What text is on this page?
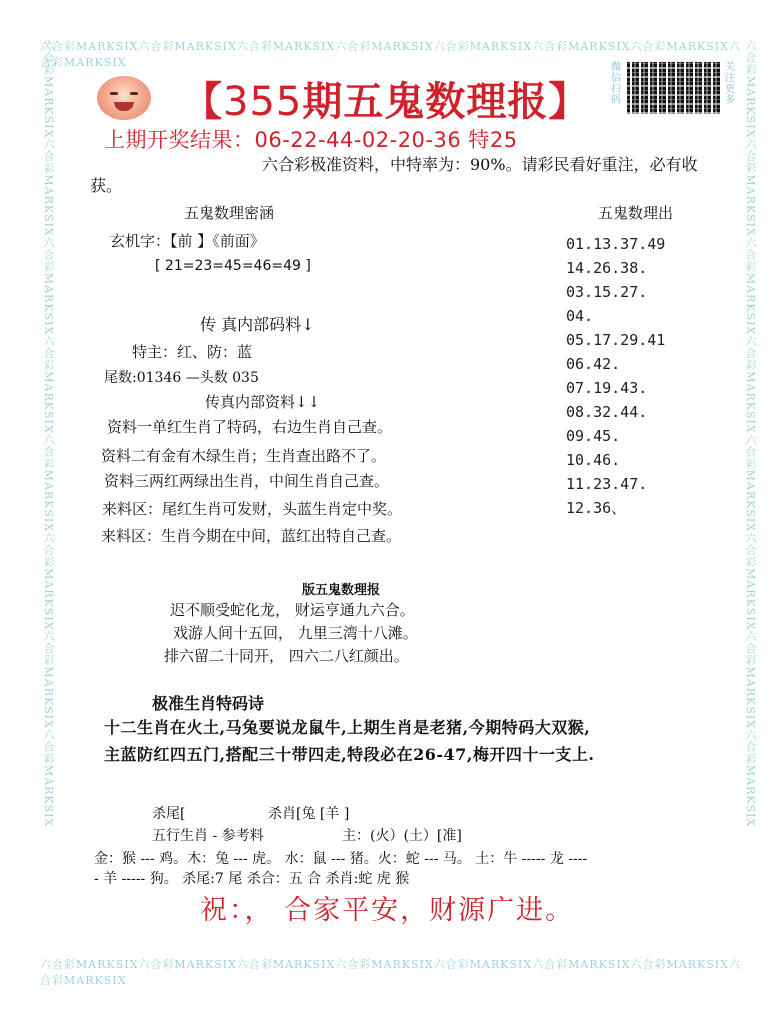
六合彩MARKSIX六合彩MARKSIX六合彩MARKSIX六合彩MARKSIX六合彩MARKSIX六合彩MARKSIX六合彩MARKSIX六合彩MARKSIX
六合彩MARKSIX六合彩MARKSIX六合彩MARKSIX六合彩MARKSIX六合彩MARKSIX六合彩MARKSIX六合彩MARKSIX六合彩MARKSIX
六合彩MARKSIX六合彩MARKSIX六合彩MARKSIX六合彩MARKSIX六合彩MARKSIX六合彩MARKSIX六合彩MARKSIX六合彩MARKSIX	六合彩MARKSIX六合彩MARKSIX六合彩MARKSIX六合彩MARKSIX六合彩MARKSIX六合彩MARKSIX六合彩MARKSIX六合彩MARKSIX
【355期五鬼数理报】
微信扫码
关注更多
上期开奖结果：06-22-44-02-20-36 特25
六合彩极准资料，中特率为：90%。请彩民看好重注，必有收
获。
五鬼数理密涵
玄机字：【前 】《前面》
[ 21=23=45=46=49 ]
传 真内部码料↓
特主：红、防：蓝
尾数:01346 —头数 035
传真内部资料↓↓
资料一单红生肖了特码，右边生肖自己查。
资料二有金有木绿生肖；生肖查出路不了。
资料三两红两绿出生肖，中间生肖自己查。
来料区：尾红生肖可发财，头蓝生肖定中奖。
来料区：生肖今期在中间，蓝红出特自己查。
五鬼数理出
01.13.37.49
14.26.38.
03.15.27.
04.
05.17.29.41
06.42.
07.19.43.
08.32.44.
09.45.
10.46.
11.23.47.
12.36、
版五鬼数理报
迟不顺受蛇化龙， 财运亨通九六合。
戏游人间十五回， 九里三湾十八滩。
排六留二十同开， 四六二八红颜出。
极准生肖特码诗
十二生肖在火土,马兔要说龙鼠牛,上期生肖是老猪,今期特码大双猴,
主蓝防红四五门,搭配三十带四走,特段必在26-47,梅开四十一支上.
杀尾[	杀肖[兔 [羊 ]
五行生肖 - 参考料	主：(火）(土）[准]
金：猴 --- 鸡。木：兔 --- 虎。 水：鼠 --- 猪。火：蛇 --- 马。 土：牛 ----- 龙 ----
- 羊 ----- 狗。 杀尾:7 尾 杀合：五 合 杀肖:蛇 虎 猴
祝：， 合家平安，财源广进。
